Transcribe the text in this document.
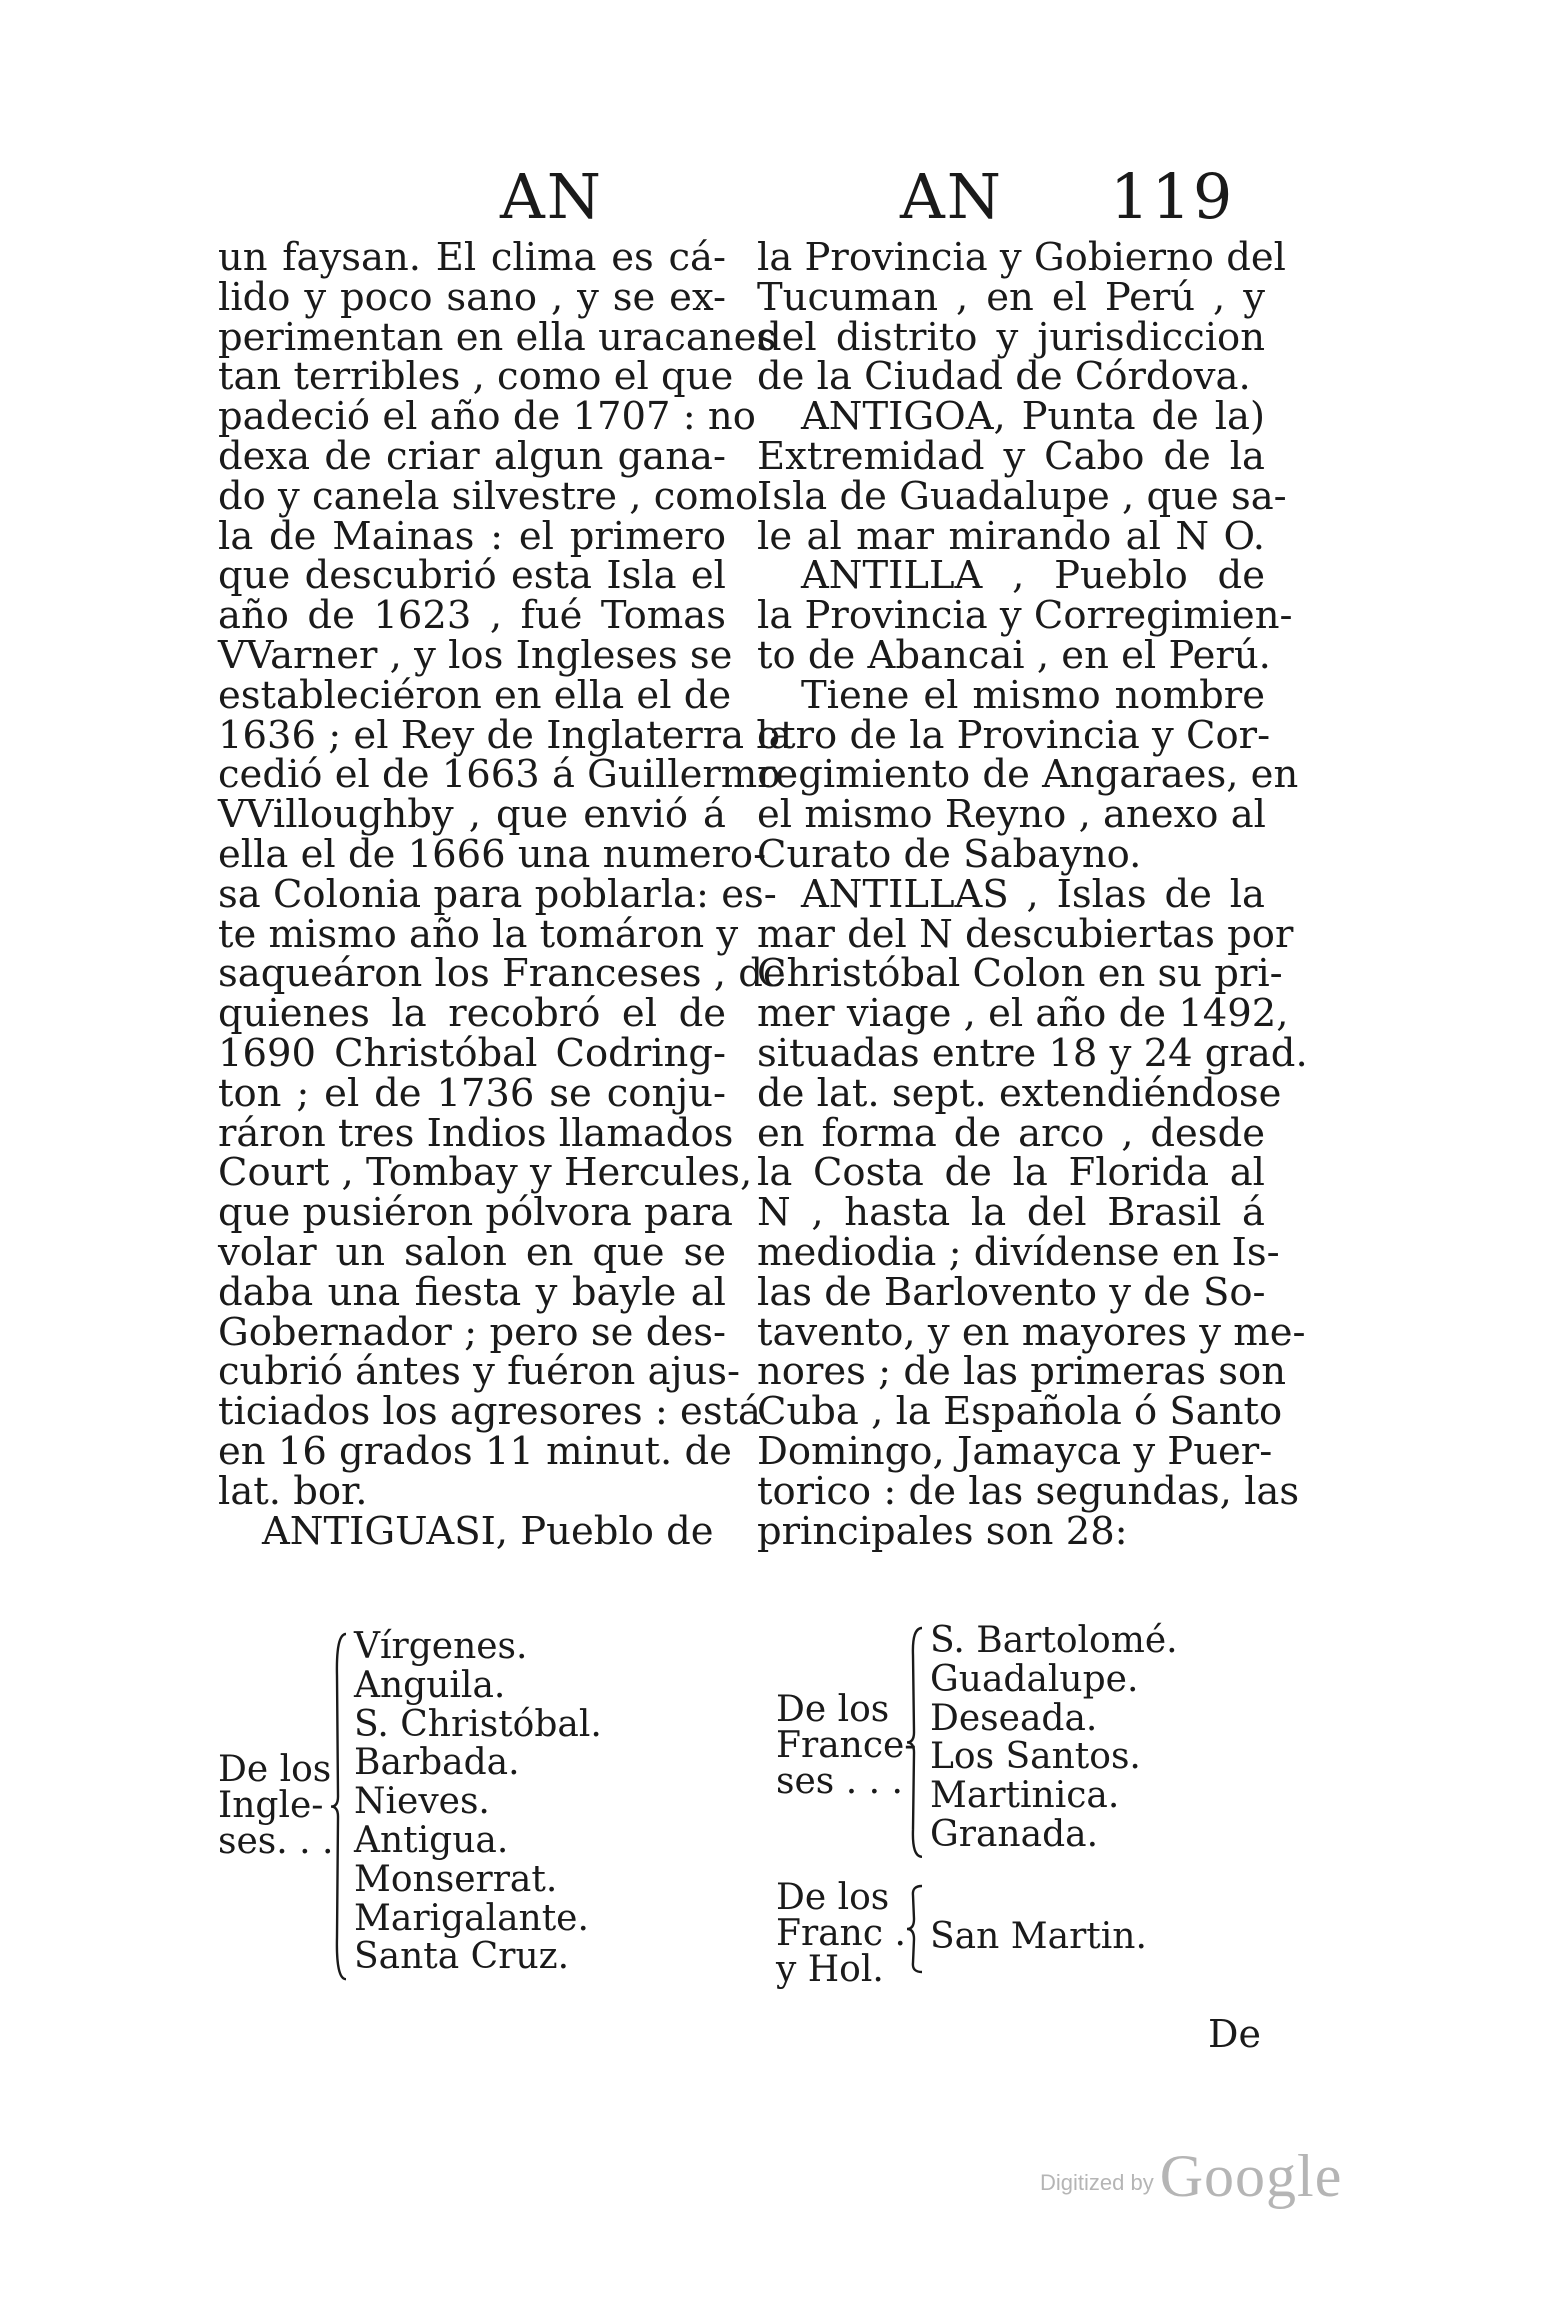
AN	AN 119
un faysan. El clima es cá-
lido y poco sano , y se ex-
perimentan en ella uracanes
tan terribles , como el que
padeció el año de 1707 : no
dexa de criar algun gana-
do y canela silvestre , como
la de Mainas : el primero
que descubrió esta Isla el
año de 1623 , fué Tomas
VVarner , y los Ingleses se
estableciéron en ella el de
1636 ; el Rey de Inglaterra la
cedió el de 1663 á Guillermo
VVilloughby , que envió á
ella el de 1666 una numero-
sa Colonia para poblarla: es-
te mismo año la tomáron y
saqueáron los Franceses , de
quienes la recobró el de
1690 Christóbal Codring-
ton ; el de 1736 se conju-
ráron tres Indios llamados
Court , Tombay y Hercules,
que pusiéron pólvora para
volar un salon en que se
daba una fiesta y bayle al
Gobernador ; pero se des-
cubrió ántes y fuéron ajus-
ticiados los agresores : está
en 16 grados 11 minut. de
lat. bor.
ANTIGUASI, Pueblo de
la Provincia y Gobierno del
Tucuman , en el Perú , y
del distrito y jurisdiccion
de la Ciudad de Córdova.
ANTIGOA, Punta de la)
Extremidad y Cabo de la
Isla de Guadalupe , que sa-
le al mar mirando al N O.
ANTILLA , Pueblo de
la Provincia y Corregimien-
to de Abancai , en el Perú.
Tiene el mismo nombre
otro de la Provincia y Cor-
regimiento de Angaraes, en
el mismo Reyno , anexo al
Curato de Sabayno.
ANTILLAS , Islas de la
mar del N descubiertas por
Christóbal Colon en su pri-
mer viage , el año de 1492,
situadas entre 18 y 24 grad.
de lat. sept. extendiéndose
en forma de arco , desde
la Costa de la Florida al
N , hasta la del Brasil á
mediodia ; divídense en Is-
las de Barlovento y de So-
tavento, y en mayores y me-
nores ; de las primeras son
Cuba , la Española ó Santo
Domingo, Jamayca y Puer-
torico : de las segundas, las
principales son 28:
De los
Ingle-
ses. . .
Vírgenes.
Anguila.
S. Christóbal.
Barbada.
Nieves.
Antigua.
Monserrat.
Marigalante.
Santa Cruz.
De los
France-
ses . . .
S. Bartolomé.
Guadalupe.
Deseada.
Los Santos.
Martinica.
Granada.
De los
Franc .
y Hol.
San Martin.
De
Digitized by Google
